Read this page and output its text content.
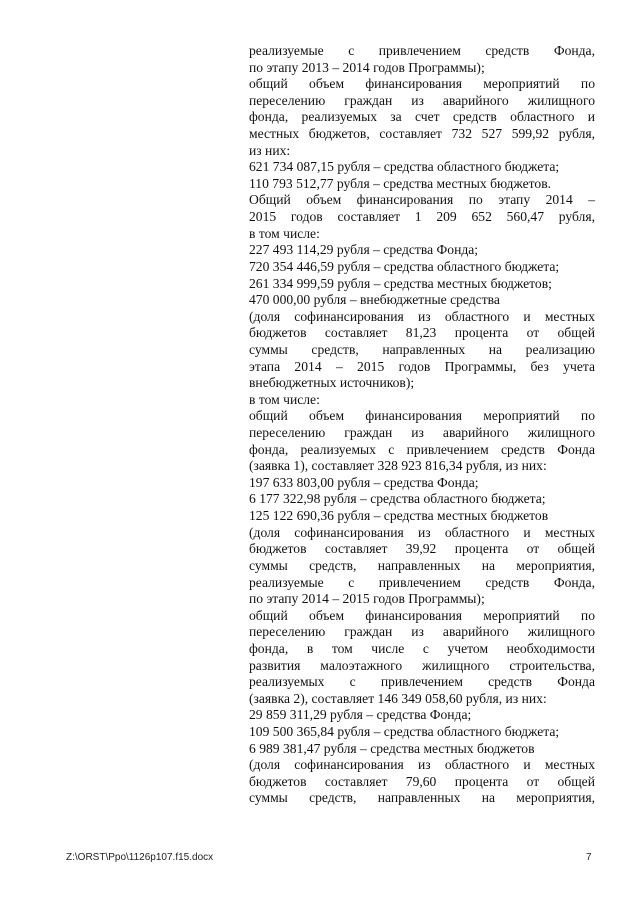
реализуемые с привлечением средств Фонда,
по этапу 2013 – 2014 годов Программы);
общий объем финансирования мероприятий по
переселению граждан из аварийного жилищного
фонда, реализуемых за счет средств областного и
местных бюджетов, составляет 732 527 599,92 рубля,
из них:
621 734 087,15 рубля – средства областного бюджета;
110 793 512,77 рубля – средства местных бюджетов.
Общий объем финансирования по этапу 2014 –
2015 годов составляет 1 209 652 560,47 рубля,
в том числе:
227 493 114,29 рубля – средства Фонда;
720 354 446,59 рубля – средства областного бюджета;
261 334 999,59 рубля – средства местных бюджетов;
470 000,00 рубля – внебюджетные средства
(доля софинансирования из областного и местных
бюджетов составляет 81,23 процента от общей
суммы средств, направленных на реализацию
этапа 2014 – 2015 годов Программы, без учета
внебюджетных источников);
в том числе:
общий объем финансирования мероприятий по
переселению граждан из аварийного жилищного
фонда, реализуемых с привлечением средств Фонда
(заявка 1), составляет 328 923 816,34 рубля, из них:
197 633 803,00 рубля – средства Фонда;
6 177 322,98 рубля – средства областного бюджета;
125 122 690,36 рубля – средства местных бюджетов
(доля софинансирования из областного и местных
бюджетов составляет 39,92 процента от общей
суммы средств, направленных на мероприятия,
реализуемые с привлечением средств Фонда,
по этапу 2014 – 2015 годов Программы);
общий объем финансирования мероприятий по
переселению граждан из аварийного жилищного
фонда, в том числе с учетом необходимости
развития малоэтажного жилищного строительства,
реализуемых с привлечением средств Фонда
(заявка 2), составляет 146 349 058,60 рубля, из них:
29 859 311,29 рубля – средства Фонда;
109 500 365,84 рубля – средства областного бюджета;
6 989 381,47 рубля – средства местных бюджетов
(доля софинансирования из областного и местных
бюджетов составляет 79,60 процента от общей
суммы средств, направленных на мероприятия,
Z:\ORST\Ppo\1126p107.f15.docx	7
